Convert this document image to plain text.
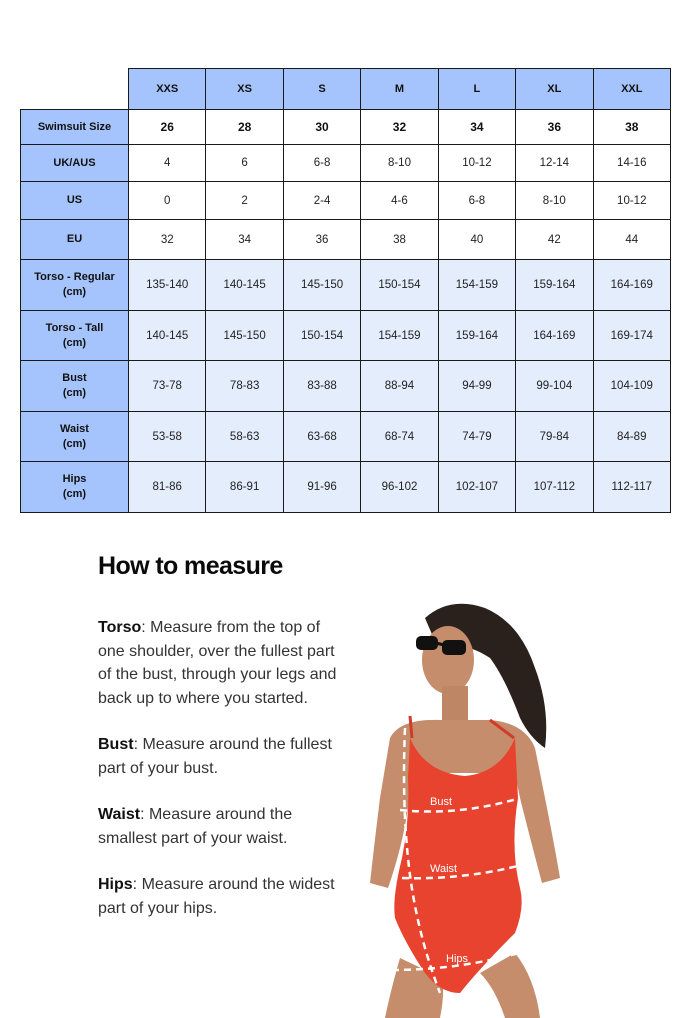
	XXS	XS	S	M	L	XL	XXL
Swimsuit Size	26	28	30	32	34	36	38
UK/AUS	4	6	6-8	8-10	10-12	12-14	14-16
US	0	2	2-4	4-6	6-8	8-10	10-12
EU	32	34	36	38	40	42	44
Torso - Regular
(cm)	135-140	140-145	145-150	150-154	154-159	159-164	164-169
Torso - Tall
(cm)	140-145	145-150	150-154	154-159	159-164	164-169	169-174
Bust
(cm)	73-78	78-83	83-88	88-94	94-99	99-104	104-109
Waist
(cm)	53-58	58-63	63-68	68-74	74-79	79-84	84-89
Hips
(cm)	81-86	86-91	91-96	96-102	102-107	107-112	112-117
How to measure

Torso: Measure from the top of one shoulder, over the fullest part of the bust, through your legs and back up to where you started.

Bust: Measure around the fullest part of your bust.

Waist: Measure around the smallest part of your waist.

Hips: Measure around the widest part of your hips.

Bust
Waist
Hips
